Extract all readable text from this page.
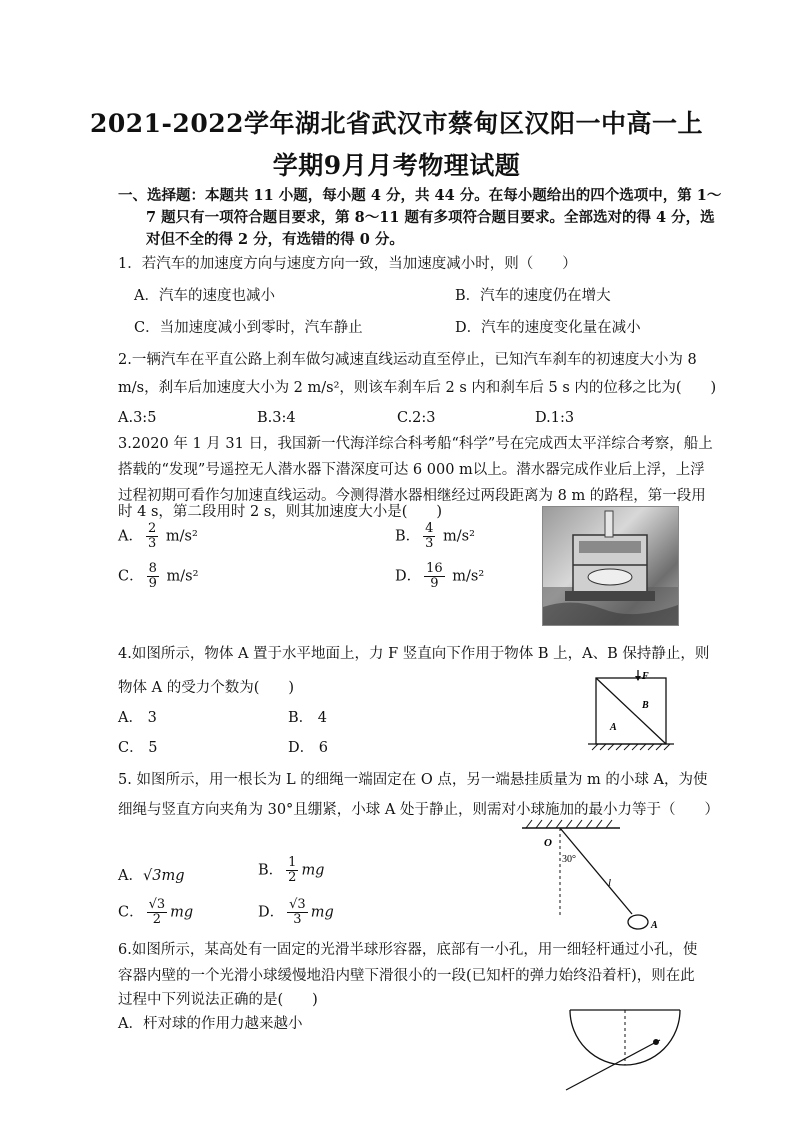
2021-2022学年湖北省武汉市蔡甸区汉阳一中高一上
学期9月月考物理试题
一、选择题：本题共 11 小题，每小题 4 分，共 44 分。在每小题给出的四个选项中，第 1～
7 题只有一项符合题目要求，第 8～11 题有多项符合题目要求。全部选对的得 4 分，选
对但不全的得 2 分，有选错的得 0 分。
1．若汽车的加速度方向与速度方向一致，当加速度减小时，则（　　）
A．汽车的速度也减小	B．汽车的速度仍在增大
C．当加速度减小到零时，汽车静止	D．汽车的速度变化量在减小
2.一辆汽车在平直公路上刹车做匀减速直线运动直至停止，已知汽车刹车的初速度大小为 8
m/s，刹车后加速度大小为 2 m/s²，则该车刹车后 2 s 内和刹车后 5 s 内的位移之比为(　　)
A.3:5	B.3:4	C.2:3	D.1:3
3.2020 年 1 月 31 日，我国新一代海洋综合科考船“科学”号在完成西太平洋综合考察，船上
搭载的“发现”号遥控无人潜水器下潜深度可达 6 000 m以上。潜水器完成作业后上浮，上浮
过程初期可看作匀加速直线运动。今测得潜水器相继经过两段距离为 8 m 的路程，第一段用
时 4 s，第二段用时 2 s，则其加速度大小是(　　)
A． $\frac{2}{3} m/s^2$	B． $\frac{4}{3} m/s^2$
C． $\frac{8}{9} m/s^2$	D． $\frac{16}{9} m/s^2$
4.如图所示，物体 A 置于水平地面上，力 F 竖直向下作用于物体 B 上，A、B 保持静止，则
物体 A 的受力个数为(　　)
A． 3	B． 4
C． 5	D． 6
F
B
A
5. 如图所示，用一根长为 L 的细绳一端固定在 O 点，另一端悬挂质量为 m 的小球 A，为使
细绳与竖直方向夹角为 30°且绷紧，小球 A 处于静止，则需对小球施加的最小力等于（　　）
A．√3mg	B． $\frac{1}{2}$ mg
C． $\frac{√3}{2}$ mg	D． $\frac{√3}{3}$ mg
O
30°
l
A
6.如图所示，某高处有一固定的光滑半球形容器，底部有一小孔，用一细轻杆通过小孔，使
容器内壁的一个光滑小球缓慢地沿内壁下滑很小的一段(已知杆的弹力始终沿着杆)，则在此
过程中下列说法正确的是(　　)
A．杆对球的作用力越来越小
